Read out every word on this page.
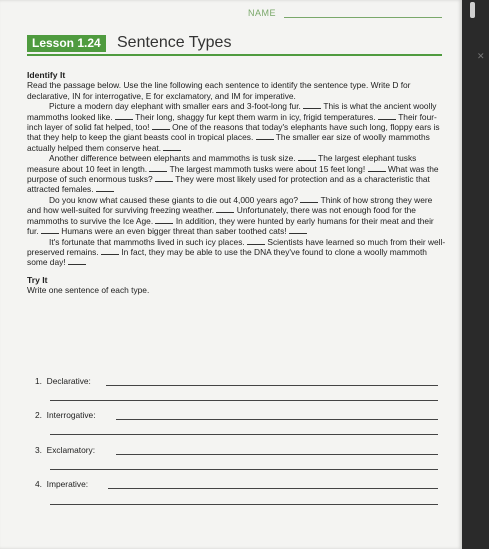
NAME
Lesson 1.24	Sentence Types

Identify It

Read the passage below. Use the line following each sentence to identify the sentence type. Write D for declarative, IN for interrogative, E for exclamatory, and IM for imperative.

Picture a modern day elephant with smaller ears and 3-foot-long fur.	This is what the ancient woolly mammoths looked like.	Their long, shaggy fur kept them warm in icy, frigid temperatures.	Their four-inch layer of solid fat helped, too!	One of the reasons that today's elephants have such long, floppy ears is that they help to keep the giant beasts cool in tropical places.	The smaller ear size of woolly mammoths actually helped them conserve heat.

Another difference between elephants and mammoths is tusk size.	The largest elephant tusks measure about 10 feet in length.	The largest mammoth tusks were about 15 feet long!	What was the purpose of such enormous tusks?	They were most likely used for protection and as a characteristic that attracted females.

Do you know what caused these giants to die out 4,000 years ago?	Think of how strong they were and how well-suited for surviving freezing weather.	Unfortunately, there was not enough food for the mammoths to survive the Ice Age.	In addition, they were hunted by early humans for their meat and their fur.	Humans were an even bigger threat than saber toothed cats!

It's fortunate that mammoths lived in such icy places.	Scientists have learned so much from their well-preserved remains.	In fact, they may be able to use the DNA they've found to clone a woolly mammoth some day!

Try It

Write one sentence of each type.

1. Declarative:
2. Interrogative:
3. Exclamatory:
4. Imperative:
✕
